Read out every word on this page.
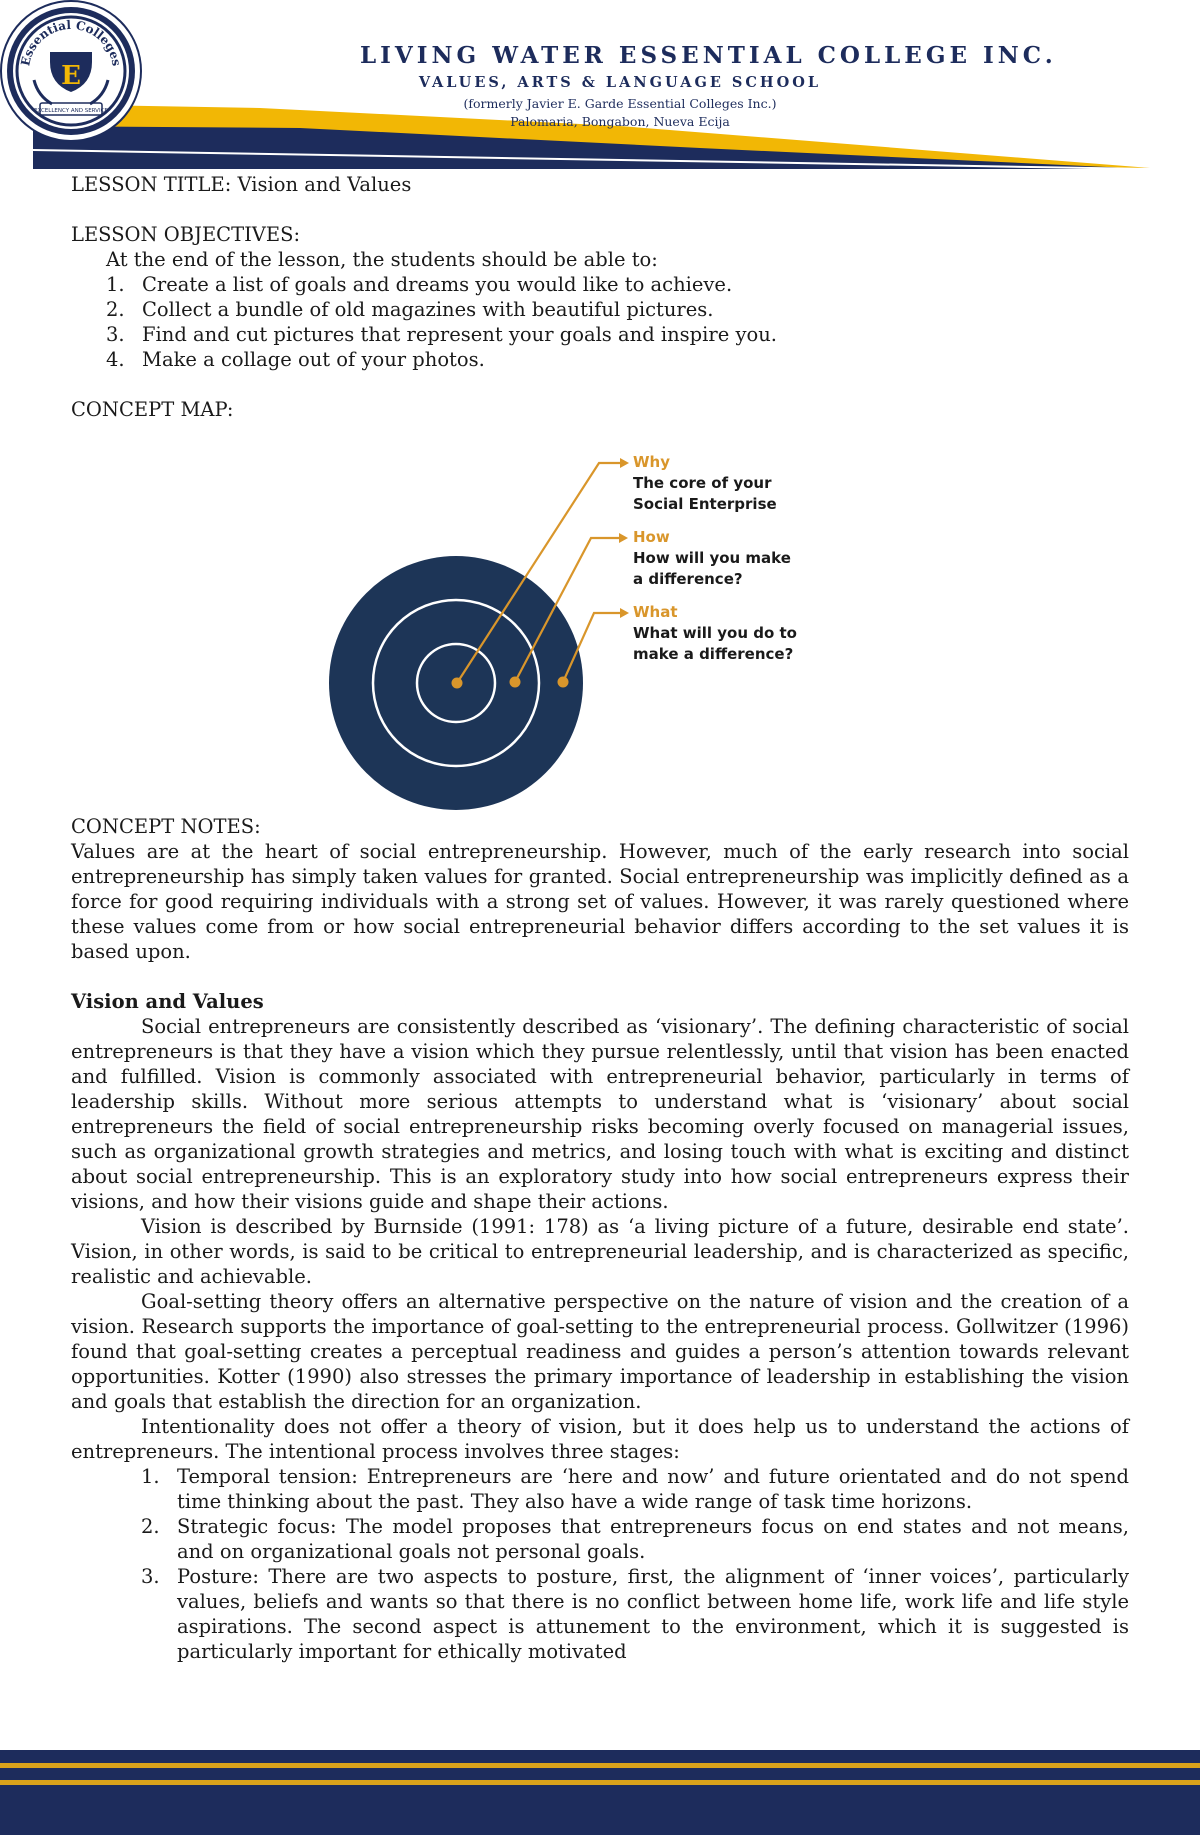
Essential Colleges
E
EXCELLENCY AND SERVICE
LIVING WATER ESSENTIAL COLLEGE INC.
VALUES, ARTS & LANGUAGE SCHOOL
(formerly Javier E. Garde Essential Colleges Inc.)
Palomaria, Bongabon, Nueva Ecija

LESSON TITLE: Vision and Values

LESSON OBJECTIVES:

At the end of the lesson, the students should be able to:

1. Create a list of goals and dreams you would like to achieve.
2. Collect a bundle of old magazines with beautiful pictures.
3. Find and cut pictures that represent your goals and inspire you.
4. Make a collage out of your photos.

CONCEPT MAP:

Why
The core of your
Social Enterprise
How
How will you make
a difference?
What
What will you do to
make a difference?

CONCEPT NOTES:

Values are at the heart of social entrepreneurship. However, much of the early research into social entrepreneurship has simply taken values for granted. Social entrepreneurship was implicitly defined as a force for good requiring individuals with a strong set of values. However, it was rarely questioned where these values come from or how social entrepreneurial behavior differs according to the set values it is based upon.

Vision and Values

Social entrepreneurs are consistently described as ‘visionary’. The defining characteristic of social entrepreneurs is that they have a vision which they pursue relentlessly, until that vision has been enacted and fulfilled. Vision is commonly associated with entrepreneurial behavior, particularly in terms of leadership skills. Without more serious attempts to understand what is ‘visionary’ about social entrepreneurs the field of social entrepreneurship risks becoming overly focused on managerial issues, such as organizational growth strategies and metrics, and losing touch with what is exciting and distinct about social entrepreneurship. This is an exploratory study into how social entrepreneurs express their visions, and how their visions guide and shape their actions.

Vision is described by Burnside (1991: 178) as ‘a living picture of a future, desirable end state’. Vision, in other words, is said to be critical to entrepreneurial leadership, and is characterized as specific, realistic and achievable.

Goal-setting theory offers an alternative perspective on the nature of vision and the creation of a vision. Research supports the importance of goal-setting to the entrepreneurial process. Gollwitzer (1996) found that goal-setting creates a perceptual readiness and guides a person’s attention towards relevant opportunities. Kotter (1990) also stresses the primary importance of leadership in establishing the vision and goals that establish the direction for an organization.

Intentionality does not offer a theory of vision, but it does help us to understand the actions of entrepreneurs. The intentional process involves three stages:

1. Temporal tension: Entrepreneurs are ‘here and now’ and future orientated and do not spend time thinking about the past. They also have a wide range of task time horizons.
2. Strategic focus: The model proposes that entrepreneurs focus on end states and not means, and on organizational goals not personal goals.
3. Posture: There are two aspects to posture, first, the alignment of ‘inner voices’, particularly values, beliefs and wants so that there is no conflict between home life, work life and life style aspirations. The second aspect is attunement to the environment, which it is suggested is particularly important for ethically motivated
